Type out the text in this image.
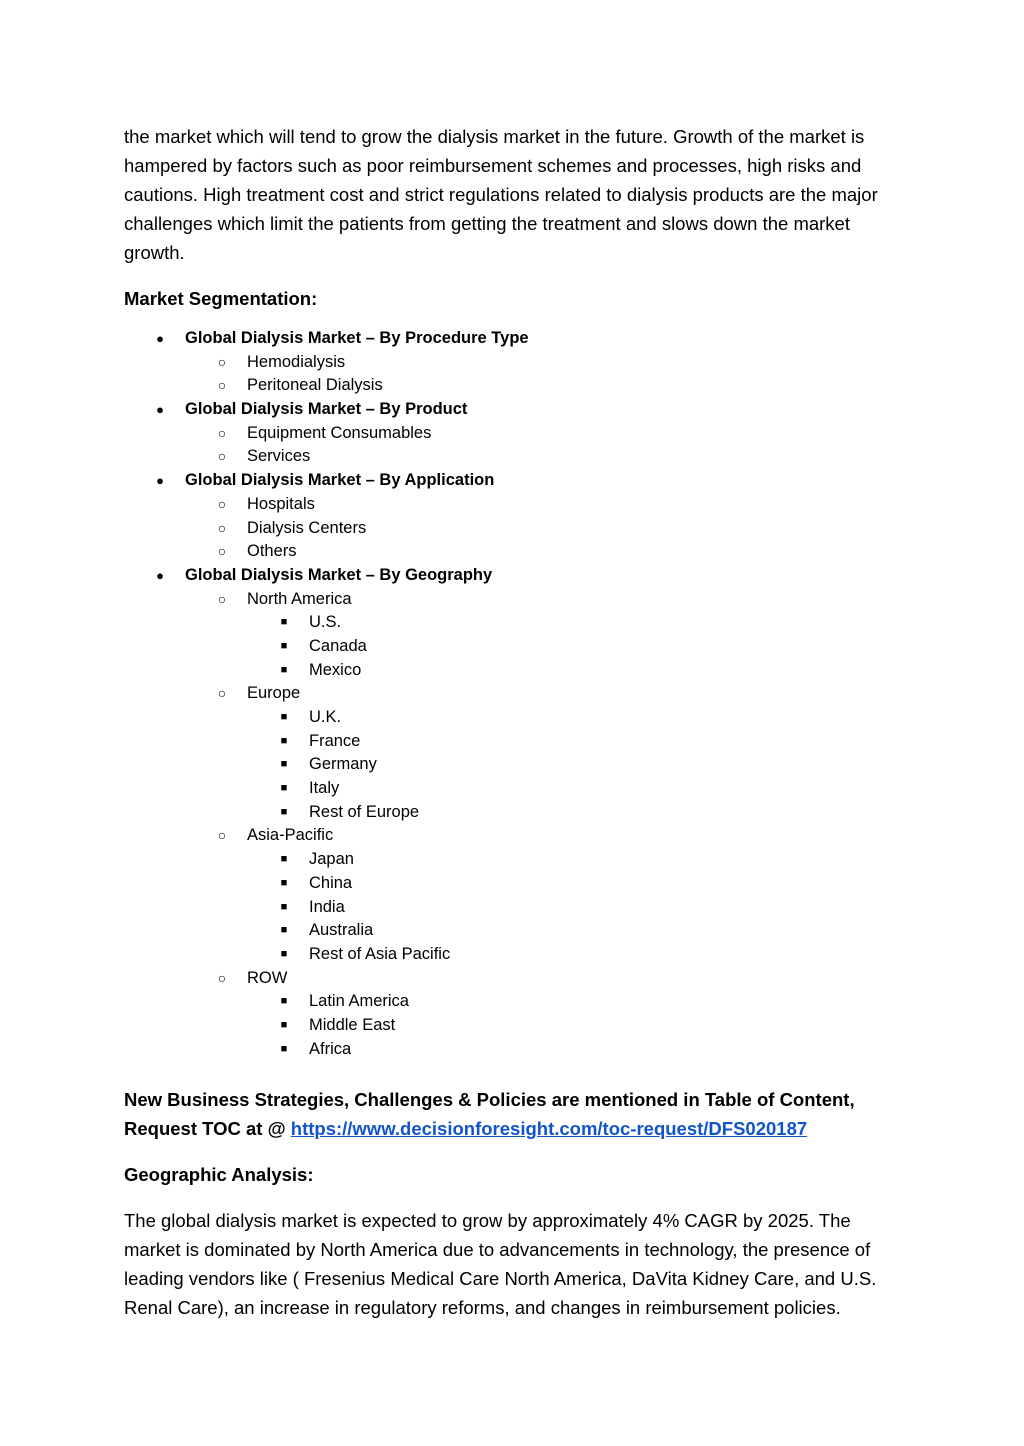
the market which will tend to grow the dialysis market in the future. Growth of the market is hampered by factors such as poor reimbursement schemes and processes, high risks and cautions. High treatment cost and strict regulations related to dialysis products are the major challenges which limit the patients from getting the treatment and slows down the market growth.

Market Segmentation:

● Global Dialysis Market – By Procedure Type
○ Hemodialysis
○ Peritoneal Dialysis
● Global Dialysis Market – By Product
○ Equipment Consumables
○ Services
● Global Dialysis Market – By Application
○ Hospitals
○ Dialysis Centers
○ Others
● Global Dialysis Market – By Geography
○ North America
■ U.S.
■ Canada
■ Mexico
○ Europe
■ U.K.
■ France
■ Germany
■ Italy
■ Rest of Europe
○ Asia-Pacific
■ Japan
■ China
■ India
■ Australia
■ Rest of Asia Pacific
○ ROW
■ Latin America
■ Middle East
■ Africa

New Business Strategies, Challenges & Policies are mentioned in Table of Content, Request TOC at @ https://www.decisionforesight.com/toc-request/DFS020187

Geographic Analysis:

The global dialysis market is expected to grow by approximately 4% CAGR by 2025. The market is dominated by North America due to advancements in technology, the presence of leading vendors like ( Fresenius Medical Care North America, DaVita Kidney Care, and U.S. Renal Care), an increase in regulatory reforms, and changes in reimbursement policies.
